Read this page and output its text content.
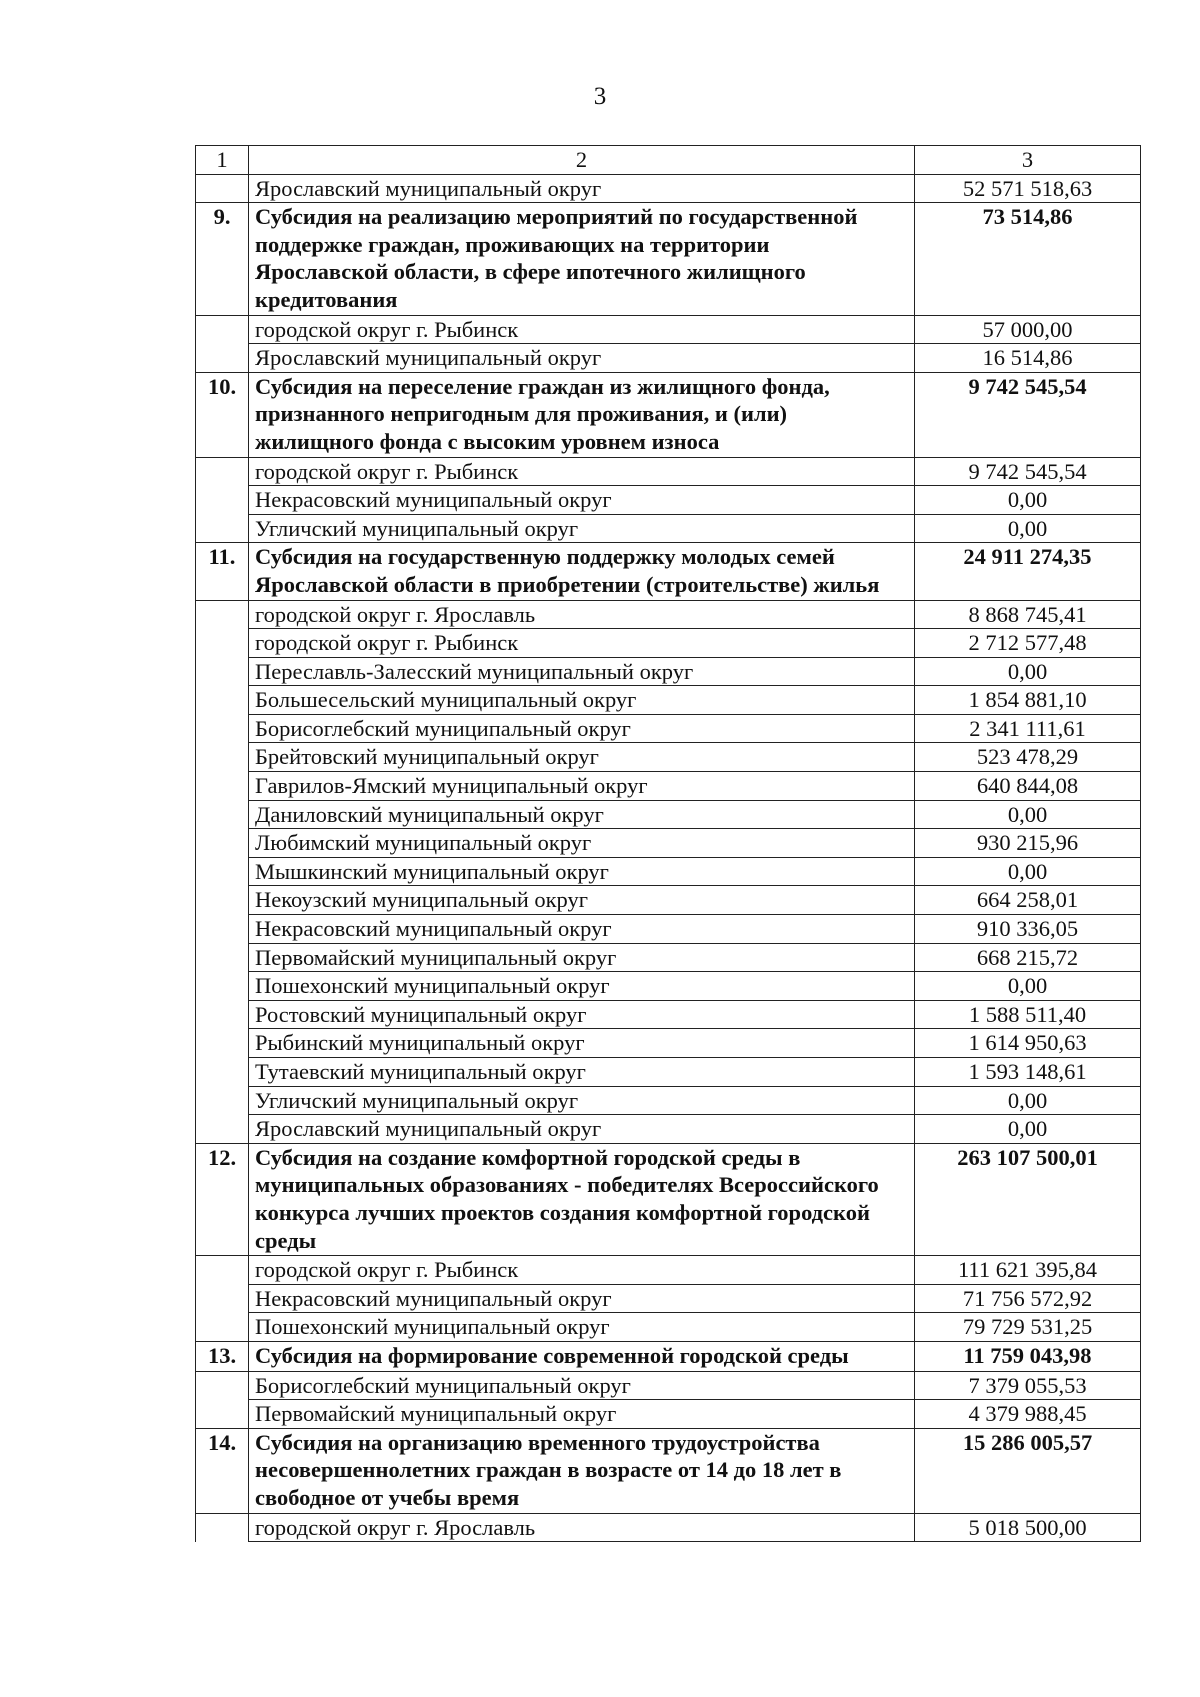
3
1	2	3
	Ярославский муниципальный округ	52 571 518,63
9.	Субсидия на реализацию мероприятий по государственной поддержке граждан, проживающих на территории Ярославской области, в сфере ипотечного жилищного кредитования	73 514,86
	городской округ г. Рыбинск	57 000,00
	Ярославский муниципальный округ	16 514,86
10.	Субсидия на переселение граждан из жилищного фонда, признанного непригодным для проживания, и (или) жилищного фонда с высоким уровнем износа	9 742 545,54
	городской округ г. Рыбинск	9 742 545,54
	Некрасовский муниципальный округ	0,00
	Угличский муниципальный округ	0,00
11.	Субсидия на государственную поддержку молодых семей Ярославской области в приобретении (строительстве) жилья	24 911 274,35
	городской округ г. Ярославль	8 868 745,41
	городской округ г. Рыбинск	2 712 577,48
	Переславль-Залесский муниципальный округ	0,00
	Большесельский муниципальный округ	1 854 881,10
	Борисоглебский муниципальный округ	2 341 111,61
	Брейтовский муниципальный округ	523 478,29
	Гаврилов-Ямский муниципальный округ	640 844,08
	Даниловский муниципальный округ	0,00
	Любимский муниципальный округ	930 215,96
	Мышкинский муниципальный округ	0,00
	Некоузский муниципальный округ	664 258,01
	Некрасовский муниципальный округ	910 336,05
	Первомайский муниципальный округ	668 215,72
	Пошехонский муниципальный округ	0,00
	Ростовский муниципальный округ	1 588 511,40
	Рыбинский муниципальный округ	1 614 950,63
	Тутаевский муниципальный округ	1 593 148,61
	Угличский муниципальный округ	0,00
	Ярославский муниципальный округ	0,00
12.	Субсидия на создание комфортной городской среды в муниципальных образованиях - победителях Всероссийского конкурса лучших проектов создания комфортной городской среды	263 107 500,01
	городской округ г. Рыбинск	111 621 395,84
	Некрасовский муниципальный округ	71 756 572,92
	Пошехонский муниципальный округ	79 729 531,25
13.	Субсидия на формирование современной городской среды	11 759 043,98
	Борисоглебский муниципальный округ	7 379 055,53
	Первомайский муниципальный округ	4 379 988,45
14.	Субсидия на организацию временного трудоустройства несовершеннолетних граждан в возрасте от 14 до 18 лет в свободное от учебы время	15 286 005,57
	городской округ г. Ярославль	5 018 500,00
